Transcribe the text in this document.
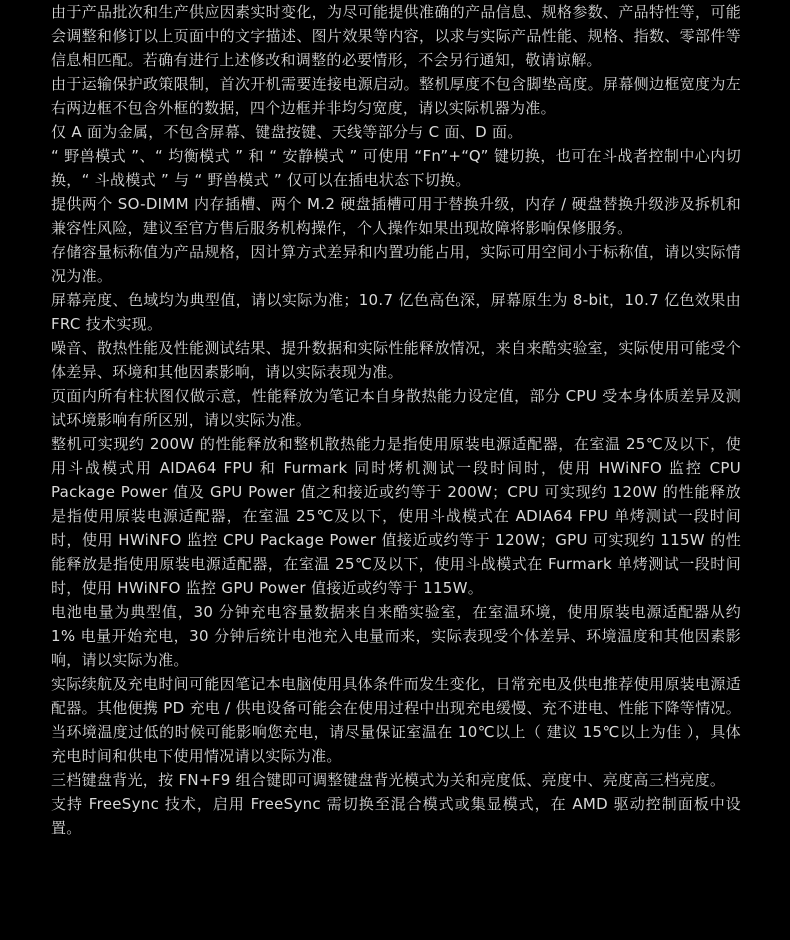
由于产品批次和生产供应因素实时变化，为尽可能提供准确的产品信息、规格参数、产品特性等，可能会调整和修订以上页面中的文字描述、图片效果等内容，以求与实际产品性能、规格、指数、零部件等信息相匹配。若确有进行上述修改和调整的必要情形，不会另行通知，敬请谅解。

由于运输保护政策限制，首次开机需要连接电源启动。整机厚度不包含脚垫高度。屏幕侧边框宽度为左右两边框不包含外框的数据，四个边框并非均匀宽度，请以实际机器为准。

仅 A 面为金属，不包含屏幕、键盘按键、天线等部分与 C 面、D 面。

“ 野兽模式 ”、“ 均衡模式 ” 和 “ 安静模式 ” 可使用 “Fn”+“Q” 键切换，也可在斗战者控制中心内切换，“ 斗战模式 ” 与 “ 野兽模式 ” 仅可以在插电状态下切换。

提供两个 SO-DIMM 内存插槽、两个 M.2 硬盘插槽可用于替换升级，内存 / 硬盘替换升级涉及拆机和兼容性风险，建议至官方售后服务机构操作，个人操作如果出现故障将影响保修服务。

存储容量标称值为产品规格，因计算方式差异和内置功能占用，实际可用空间小于标称值，请以实际情况为准。

屏幕亮度、色域均为典型值，请以实际为准；10.7 亿色高色深，屏幕原生为 8-bit，10.7 亿色效果由 FRC 技术实现。

噪音、散热性能及性能测试结果、提升数据和实际性能释放情况，来自来酷实验室，实际使用可能受个体差异、环境和其他因素影响，请以实际表现为准。

页面内所有柱状图仅做示意，性能释放为笔记本自身散热能力设定值，部分 CPU 受本身体质差异及测试环境影响有所区别，请以实际为准。

整机可实现约 200W 的性能释放和整机散热能力是指使用原装电源适配器，在室温 25℃及以下，使用斗战模式用 AIDA64 FPU 和 Furmark 同时烤机测试一段时间时，使用 HWiNFO 监控 CPU Package Power 值及 GPU Power 值之和接近或约等于 200W；CPU 可实现约 120W 的性能释放是指使用原装电源适配器，在室温 25℃及以下，使用斗战模式在 ADIA64 FPU 单烤测试一段时间时，使用 HWiNFO 监控 CPU Package Power 值接近或约等于 120W；GPU 可实现约 115W 的性能释放是指使用原装电源适配器，在室温 25℃及以下，使用斗战模式在 Furmark 单烤测试一段时间时，使用 HWiNFO 监控 GPU Power 值接近或约等于 115W。

电池电量为典型值，30 分钟充电容量数据来自来酷实验室，在室温环境，使用原装电源适配器从约 1% 电量开始充电，30 分钟后统计电池充入电量而来，实际表现受个体差异、环境温度和其他因素影响，请以实际为准。

实际续航及充电时间可能因笔记本电脑使用具体条件而发生变化，日常充电及供电推荐使用原装电源适配器。其他便携 PD 充电 / 供电设备可能会在使用过程中出现充电缓慢、充不进电、性能下降等情况。当环境温度过低的时候可能影响您充电，请尽量保证室温在 10℃以上（ 建议 15℃以上为佳 ），具体充电时间和供电下使用情况请以实际为准。

三档键盘背光，按 FN+F9 组合键即可调整键盘背光模式为关和亮度低、亮度中、亮度高三档亮度。

支持 FreeSync 技术，启用 FreeSync 需切换至混合模式或集显模式，在 AMD 驱动控制面板中设置。
